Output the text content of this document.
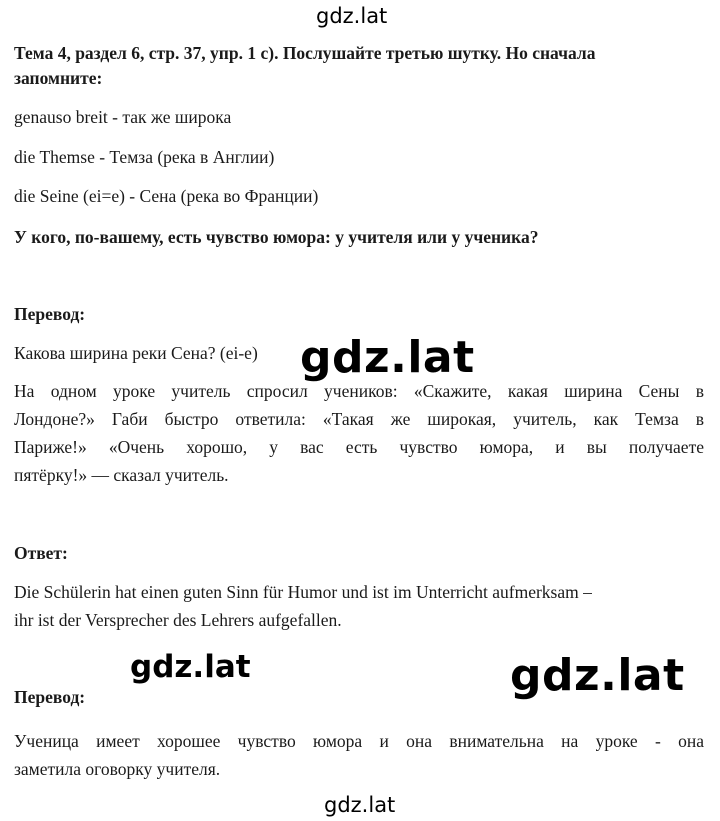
gdz.lat
Тема 4, раздел 6, стр. 37, упр. 1 с). Послушайте третью шутку. Но сначала
запомните:
genauso breit - так же широка
die Themse - Темза (река в Англии)
die Seine (ei=e) - Сена (река во Франции)
У кого, по-вашему, есть чувство юмора: у учителя или у ученика?
Перевод:
Какова ширина реки Сена? (ei-e)
На одном уроке учитель спросил учеников: «Скажите, какая ширина Сены в
Лондоне?» Габи быстро ответила: «Такая же широкая, учитель, как Темза в
Париже!» «Очень хорошо, у вас есть чувство юмора, и вы получаете
пятёрку!» — сказал учитель.
gdz.lat
Ответ:
Die Schülerin hat einen guten Sinn für Humor und ist im Unterricht aufmerksam –
ihr ist der Versprecher des Lehrers aufgefallen.
gdz.lat	gdz.lat
Перевод:
Ученица имеет хорошее чувство юмора и она внимательна на уроке - она
заметила оговорку учителя.
gdz.lat
